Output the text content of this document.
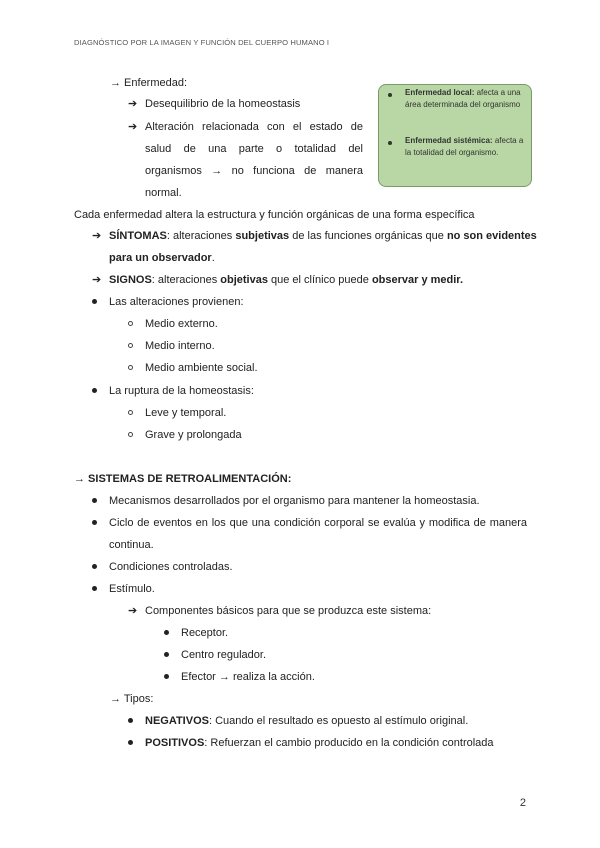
DIAGNÓSTICO POR LA IMAGEN Y FUNCIÓN DEL CUERPO HUMANO I
→ Enfermedad:
➔ Desequilibrio de la homeostasis
➔ Alteración relacionada con el estado de
salud de una parte o totalidad del
organismos → no funciona de manera
normal.
Enfermedad local: afecta a una área determinada del organismo
Enfermedad sistémica: afecta a la totalidad del organismo.
Cada enfermedad altera la estructura y función orgánicas de una forma específica
➔ SÍNTOMAS: alteraciones subjetivas de las funciones orgánicas que no son evidentes
para un observador.
➔ SIGNOS: alteraciones objetivas que el clínico puede observar y medir.
Las alteraciones provienen:
Medio externo.
Medio interno.
Medio ambiente social.
La ruptura de la homeostasis:
Leve y temporal.
Grave y prolongada
→ SISTEMAS DE RETROALIMENTACIÓN:
Mecanismos desarrollados por el organismo para mantener la homeostasia.
Ciclo de eventos en los que una condición corporal se evalúa y modifica de manera
continua.
Condiciones controladas.
Estímulo.
➔ Componentes básicos para que se produzca este sistema:
Receptor.
Centro regulador.
Efector → realiza la acción.
→ Tipos:
NEGATIVOS: Cuando el resultado es opuesto al estímulo original.
POSITIVOS: Refuerzan el cambio producido en la condición controlada
2
